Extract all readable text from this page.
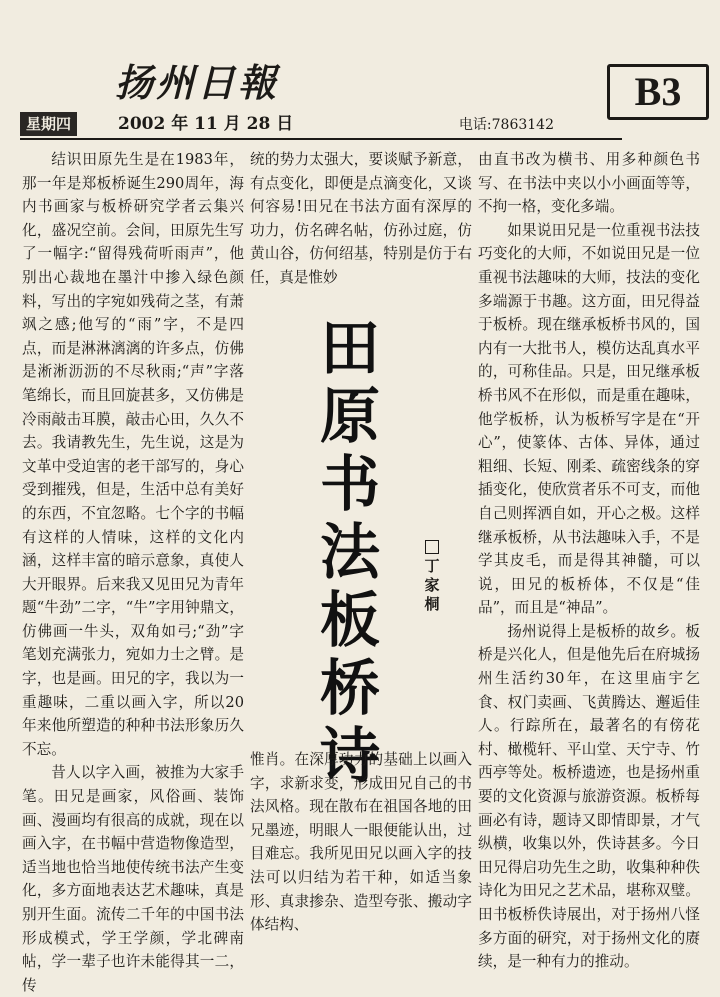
扬州日報	B3
星期四	2002 年 11 月 28 日	电话:7863142

结识田原先生是在1983年，那一年是郑板桥诞生290周年，海内书画家与板桥研究学者云集兴化，盛况空前。会间，田原先生写了一幅字:“留得残荷听雨声”，他别出心裁地在墨汁中掺入绿色颜料，写出的字宛如残荷之茎，有萧飒之感;他写的“雨”字，不是四点，而是淋淋漓漓的许多点，仿佛是淅淅沥沥的不尽秋雨;“声”字落笔绵长，而且回旋甚多，又仿佛是冷雨敲击耳膜，敲击心田，久久不去。我请教先生，先生说，这是为文革中受迫害的老干部写的，身心受到摧残，但是，生活中总有美好的东西，不宜忽略。七个字的书幅有这样的人情味，这样的文化内涵，这样丰富的暗示意象，真使人大开眼界。后来我又见田兄为青年题“牛劲”二字，“牛”字用钟鼎文，仿佛画一牛头，双角如弓;“劲”字笔划充满张力，宛如力士之臂。是字，也是画。田兄的字，我以为一重趣味，二重以画入字，所以20年来他所塑造的种种书法形象历久不忘。

昔人以字入画，被推为大家手笔。田兄是画家，风俗画、装饰画、漫画均有很高的成就，现在以画入字，在书幅中营造物像造型，适当地也恰当地使传统书法产生变化，多方面地表达艺术趣味，真是别开生面。流传二千年的中国书法形成模式，学王学颜，学北碑南帖，学一辈子也许未能得其一二，传

统的势力太强大，要谈赋予新意，有点变化，即便是点滴变化，又谈何容易!田兄在书法方面有深厚的功力，仿名碑名帖，仿孙过庭，仿黄山谷，仿何绍基，特别是仿于右任，真是惟妙

田
原
书
法
板
桥
诗
丁家桐

惟肖。在深厚功力的基础上以画入字，求新求变，形成田兄自己的书法风格。现在散布在祖国各地的田兄墨迹，明眼人一眼便能认出，过目难忘。我所见田兄以画入字的技法可以归结为若干种，如适当象形、真隶掺杂、造型夸张、搬动字体结构、

由直书改为横书、用多种颜色书写、在书法中夹以小小画面等等，不拘一格，变化多端。

如果说田兄是一位重视书法技巧变化的大师，不如说田兄是一位重视书法趣味的大师，技法的变化多端源于书趣。这方面，田兄得益于板桥。现在继承板桥书风的，国内有一大批书人，模仿达乱真水平的，可称佳品。只是，田兄继承板桥书风不在形似，而是重在趣味，他学板桥，认为板桥写字是在“开心”，使篆体、古体、异体，通过粗细、长短、刚柔、疏密线条的穿插变化，使欣赏者乐不可支，而他自己则挥洒自如，开心之极。这样继承板桥，从书法趣味入手，不是学其皮毛，而是得其神髓，可以说，田兄的板桥体，不仅是“佳品”，而且是“神品”。

扬州说得上是板桥的故乡。板桥是兴化人，但是他先后在府城扬州生活约30年，在这里庙宇乞食、权门卖画、飞黄腾达、邂逅佳人。行踪所在，最著名的有傍花村、橄榄轩、平山堂、天宁寺、竹西亭等处。板桥遗迹，也是扬州重要的文化资源与旅游资源。板桥每画必有诗，题诗又即情即景，才气纵横，收集以外，佚诗甚多。今日田兄得启功先生之助，收集种种佚诗化为田兄之艺术品，堪称双璧。田书板桥佚诗展出，对于扬州八怪多方面的研究，对于扬州文化的赓续，是一种有力的推动。
